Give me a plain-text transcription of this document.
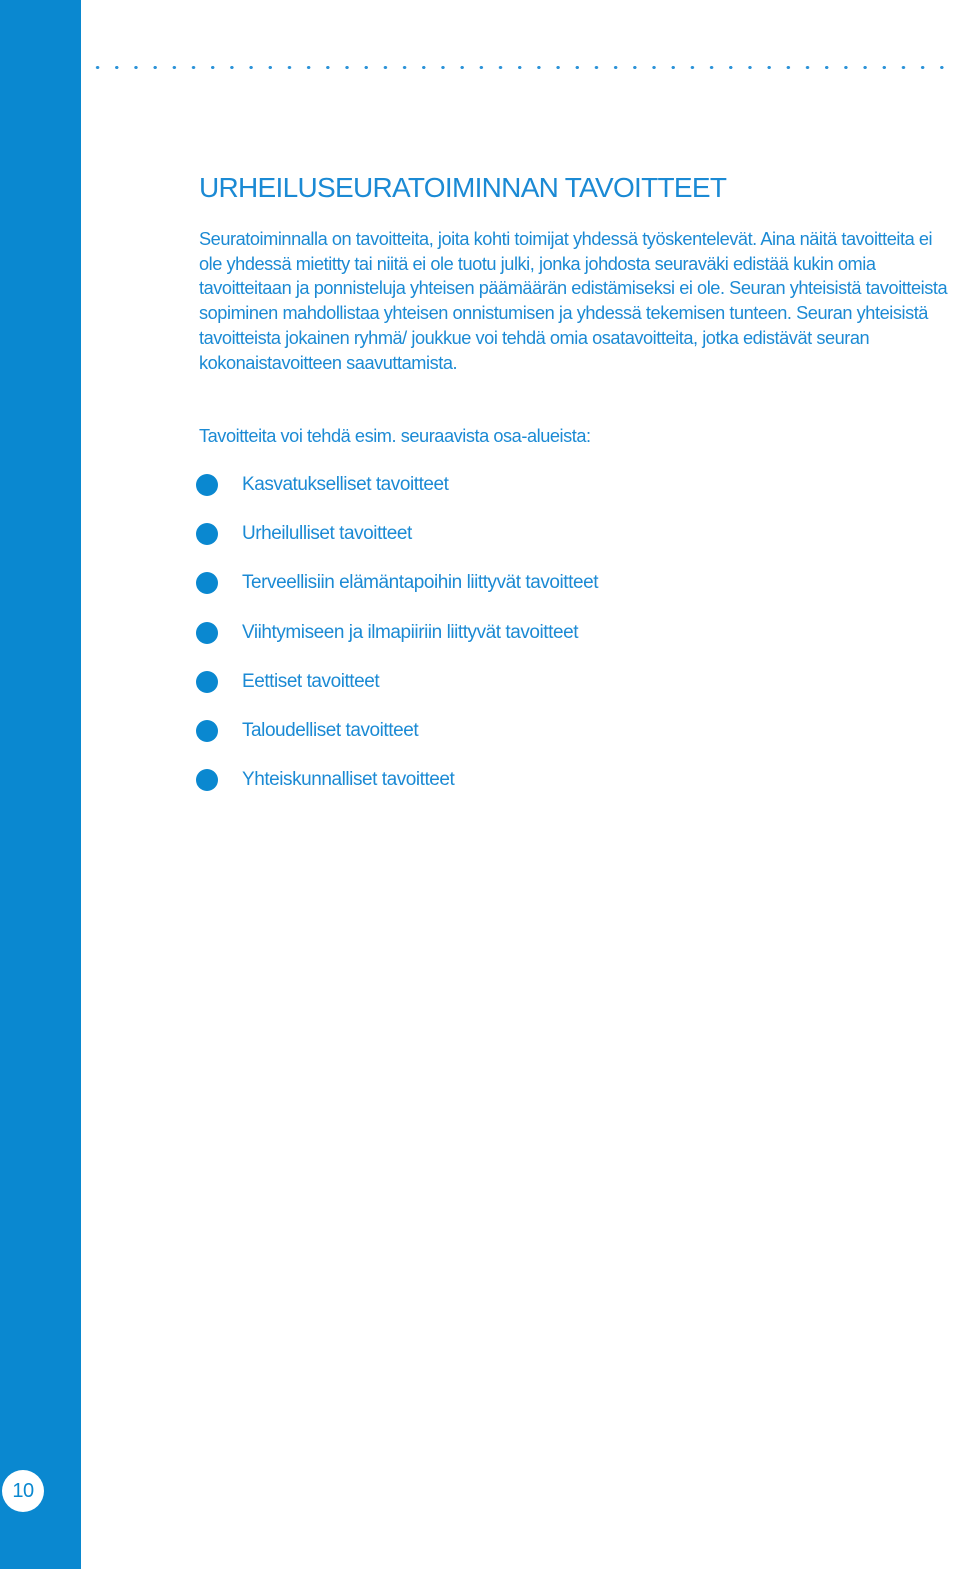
URHEILUSEURATOIMINNAN TAVOITTEET

Seuratoiminnalla on tavoitteita, joita kohti toimijat yhdessä työskentelevät. Aina näitä tavoitteita ei ole yhdessä mietitty tai niitä ei ole tuotu julki, jonka johdosta seuraväki edistää kukin omia tavoitteitaan ja ponnisteluja yhteisen päämäärän edistämiseksi ei ole. Seuran yhteisistä tavoitteista sopiminen mahdollistaa yhteisen onnistumisen ja yhdessä tekemisen tunteen. Seuran yhteisistä tavoitteista jokainen ryhmä/ joukkue voi tehdä omia osatavoitteita, jotka edistävät seuran kokonaistavoitteen saavuttamista.

Tavoitteita voi tehdä esim. seuraavista osa-alueista:

Kasvatukselliset tavoitteet
Urheilulliset tavoitteet
Terveellisiin elämäntapoihin liittyvät tavoitteet
Viihtymiseen ja ilmapiiriin liittyvät tavoitteet
Eettiset tavoitteet
Taloudelliset tavoitteet
Yhteiskunnalliset tavoitteet
10
